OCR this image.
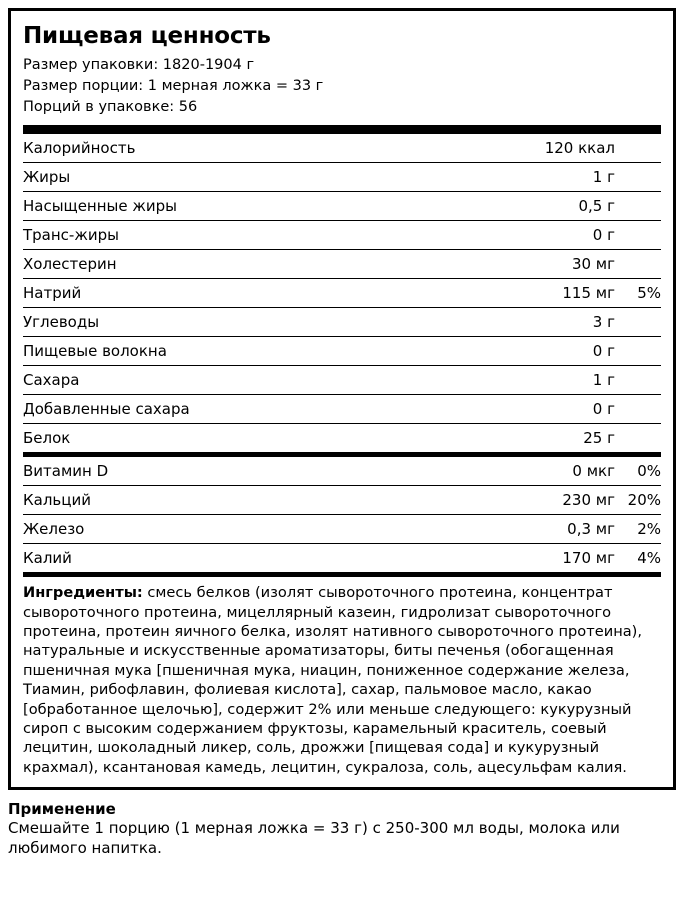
Пищевая ценность
Размер упаковки: 1820-1904 г
Размер порции: 1 мерная ложка = 33 г
Порций в упаковке: 56
Калорийность	120 ккал	
Жиры	1 г	
Насыщенные жиры	0,5 г	
Транс-жиры	0 г	
Холестерин	30 мг	
Натрий	115 мг	5%
Углеводы	3 г	
Пищевые волокна	0 г	
Сахара	1 г	
Добавленные сахара	0 г	
Белок	25 г	
Витамин D	0 мкг	0%
Кальций	230 мг	20%
Железо	0,3 мг	2%
Калий	170 мг	4%

Ингредиенты: смесь белков (изолят сывороточного протеина, концентрат сывороточного протеина, мицеллярный казеин, гидролизат сывороточного протеина, протеин яичного белка, изолят нативного сывороточного протеина), натуральные и искусственные ароматизаторы, биты печенья (обогащенная пшеничная мука [пшеничная мука, ниацин, пониженное содержание железа, Тиамин, рибофлавин, фолиевая кислота], сахар, пальмовое масло, какао [обработанное щелочью], содержит 2% или меньше следующего: кукурузный сироп с высоким содержанием фруктозы, карамельный краситель, соевый лецитин, шоколадный ликер, соль, дрожжи [пищевая сода] и кукурузный крахмал), ксантановая камедь, лецитин, сукралоза, соль, ацесульфам калия.

Применение
Смешайте 1 порцию (1 мерная ложка = 33 г) с 250-300 мл воды, молока или любимого напитка.
